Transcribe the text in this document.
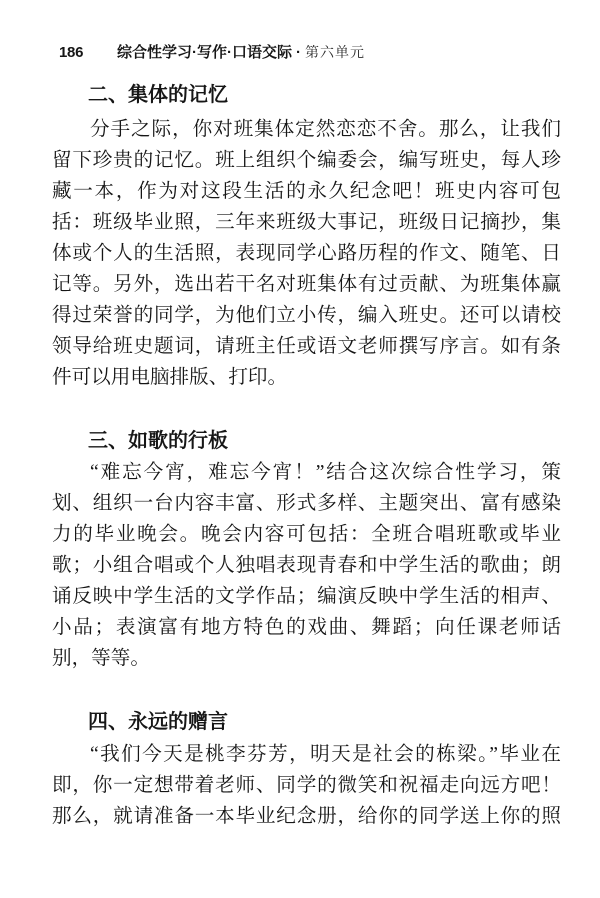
186 综合性学习·写作·口语交际 · 第六单元
二、集体的记忆
分手之际，你对班集体定然恋恋不舍。那么，让我们
留下珍贵的记忆。班上组织个编委会，编写班史，每人珍
藏一本，作为对这段生活的永久纪念吧！班史内容可包
括：班级毕业照，三年来班级大事记，班级日记摘抄，集
体或个人的生活照，表现同学心路历程的作文、随笔、日
记等。另外，选出若干名对班集体有过贡献、为班集体赢
得过荣誉的同学，为他们立小传，编入班史。还可以请校
领导给班史题词，请班主任或语文老师撰写序言。如有条
件可以用电脑排版、打印。
三、如歌的行板
“难忘今宵，难忘今宵！”结合这次综合性学习，策
划、组织一台内容丰富、形式多样、主题突出、富有感染
力的毕业晚会。晚会内容可包括：全班合唱班歌或毕业
歌；小组合唱或个人独唱表现青春和中学生活的歌曲；朗
诵反映中学生活的文学作品；编演反映中学生活的相声、
小品；表演富有地方特色的戏曲、舞蹈；向任课老师话
别，等等。
四、永远的赠言
“我们今天是桃李芬芳，明天是社会的栋梁。”毕业在
即，你一定想带着老师、同学的微笑和祝福走向远方吧！
那么，就请准备一本毕业纪念册，给你的同学送上你的照
